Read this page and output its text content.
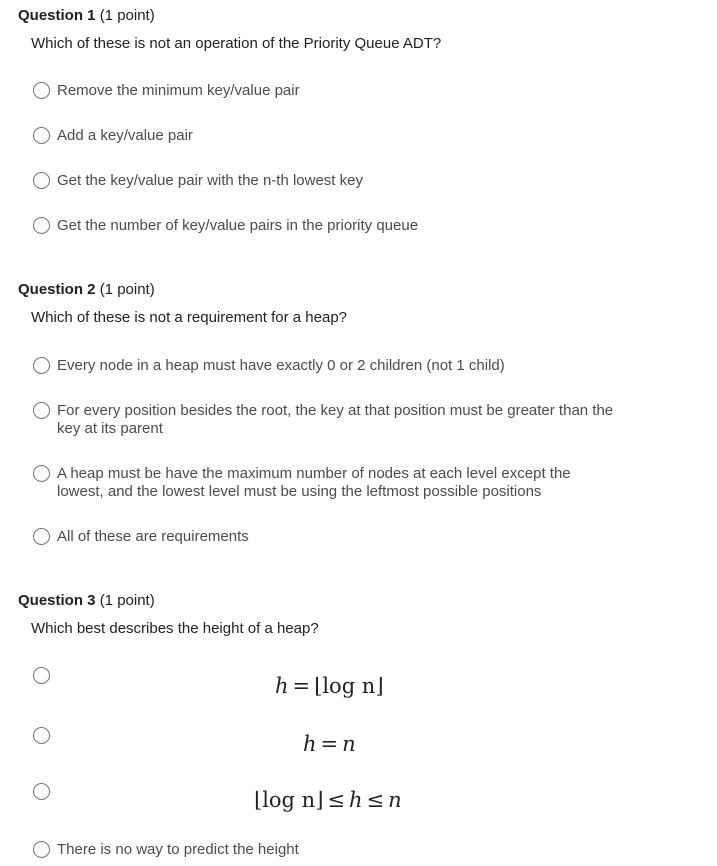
Question 1 (1 point)
Which of these is not an operation of the Priority Queue ADT?
Remove the minimum key/value pair
Add a key/value pair
Get the key/value pair with the n-th lowest key
Get the number of key/value pairs in the priority queue
Question 2 (1 point)
Which of these is not a requirement for a heap?
Every node in a heap must have exactly 0 or 2 children (not 1 child)
For every position besides the root, the key at that position must be greater than the key at its parent
A heap must be have the maximum number of nodes at each level except the lowest, and the lowest level must be using the leftmost possible positions
All of these are requirements
Question 3 (1 point)
Which best describes the height of a heap?
h = ⌊log n⌋
h = n
⌊log n⌋ ≤ h ≤ n
There is no way to predict the height
